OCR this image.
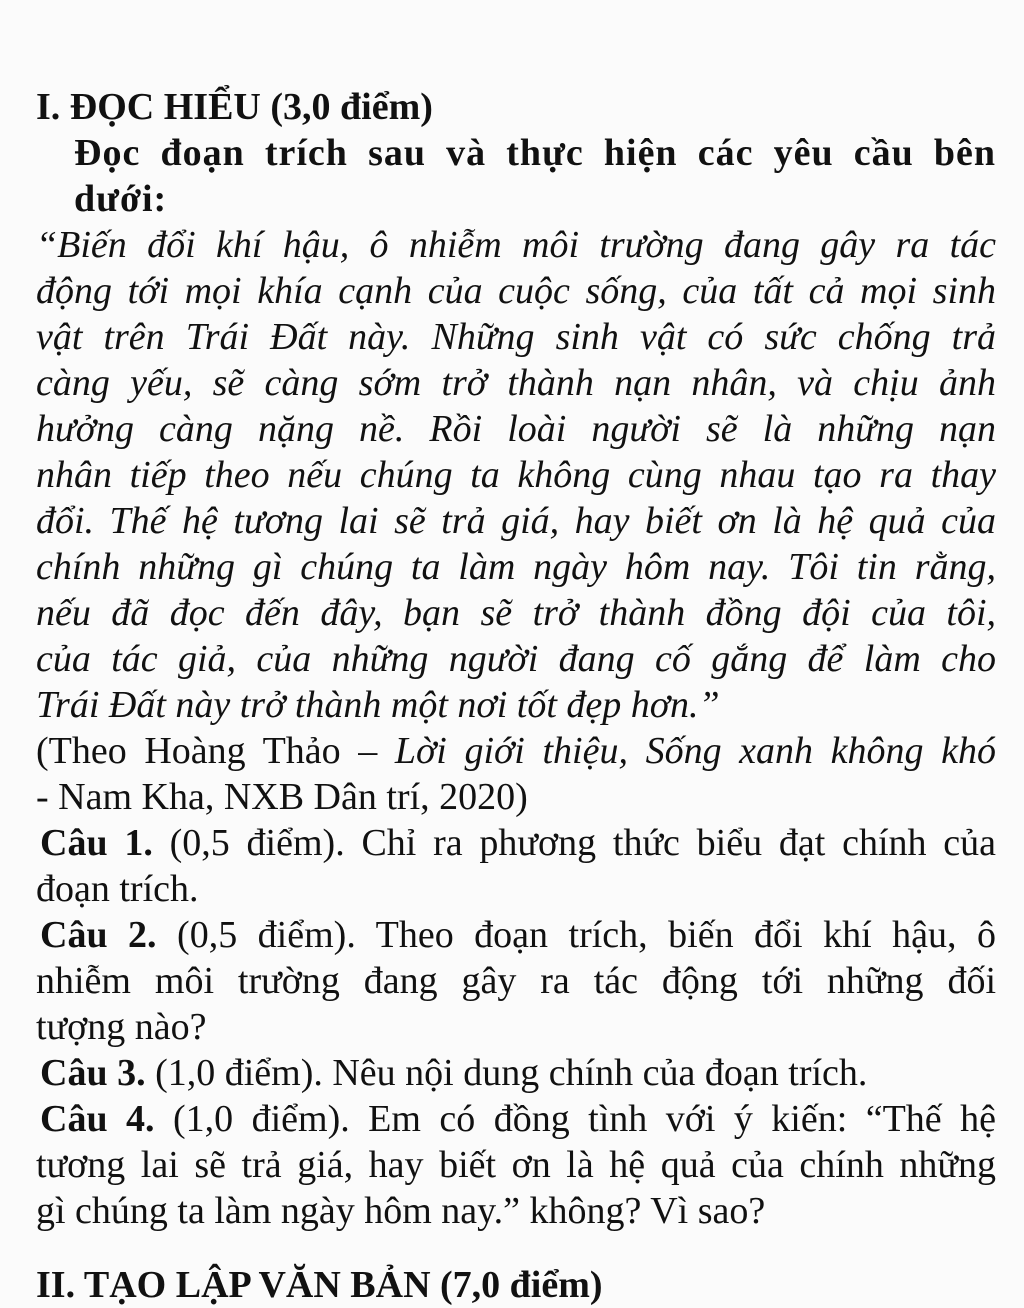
I. ĐỌC HIỂU (3,0 điểm)
Đọc đoạn trích sau và thực hiện các yêu cầu bên
dưới:
“Biến đổi khí hậu, ô nhiễm môi trường đang gây ra tác
động tới mọi khía cạnh của cuộc sống, của tất cả mọi sinh
vật trên Trái Đất này. Những sinh vật có sức chống trả
càng yếu, sẽ càng sớm trở thành nạn nhân, và chịu ảnh
hưởng càng nặng nề. Rồi loài người sẽ là những nạn
nhân tiếp theo nếu chúng ta không cùng nhau tạo ra thay
đổi. Thế hệ tương lai sẽ trả giá, hay biết ơn là hệ quả của
chính những gì chúng ta làm ngày hôm nay. Tôi tin rằng,
nếu đã đọc đến đây, bạn sẽ trở thành đồng đội của tôi,
của tác giả, của những người đang cố gắng để làm cho
Trái Đất này trở thành một nơi tốt đẹp hơn.”
(Theo Hoàng Thảo – Lời giới thiệu, Sống xanh không khó
- Nam Kha, NXB Dân trí, 2020)
Câu 1. (0,5 điểm). Chỉ ra phương thức biểu đạt chính của
đoạn trích.
Câu 2. (0,5 điểm). Theo đoạn trích, biến đổi khí hậu, ô
nhiễm môi trường đang gây ra tác động tới những đối
tượng nào?
Câu 3. (1,0 điểm). Nêu nội dung chính của đoạn trích.
Câu 4. (1,0 điểm). Em có đồng tình với ý kiến: “Thế hệ
tương lai sẽ trả giá, hay biết ơn là hệ quả của chính những
gì chúng ta làm ngày hôm nay.” không? Vì sao?
II. TẠO LẬP VĂN BẢN (7,0 điểm)
